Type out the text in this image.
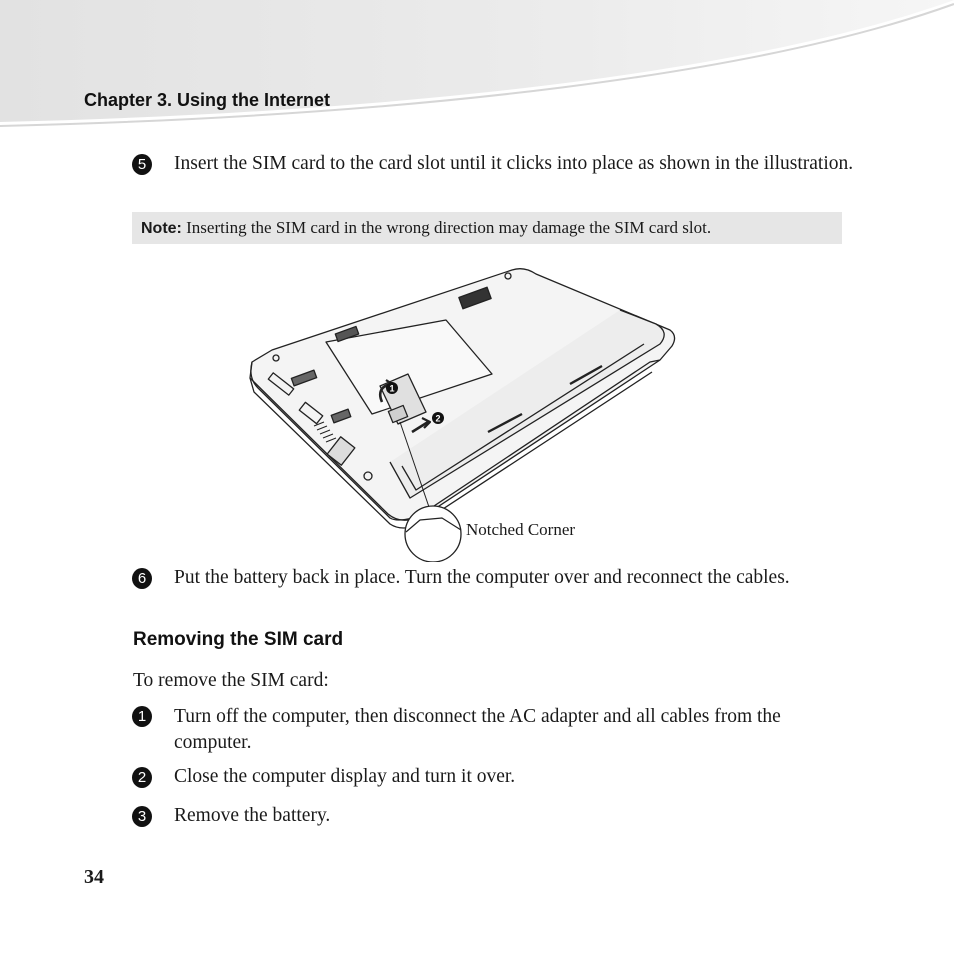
Chapter 3. Using the Internet
5 Insert the SIM card to the card slot until it clicks into place as shown in the illustration.
Note: Inserting the SIM card in the wrong direction may damage the SIM card slot.
1
2
Notched Corner
6 Put the battery back in place. Turn the computer over and reconnect the cables.
Removing the SIM card
To remove the SIM card:
1 Turn off the computer, then disconnect the AC adapter and all cables from the computer.
2 Close the computer display and turn it over.
3 Remove the battery.
34
